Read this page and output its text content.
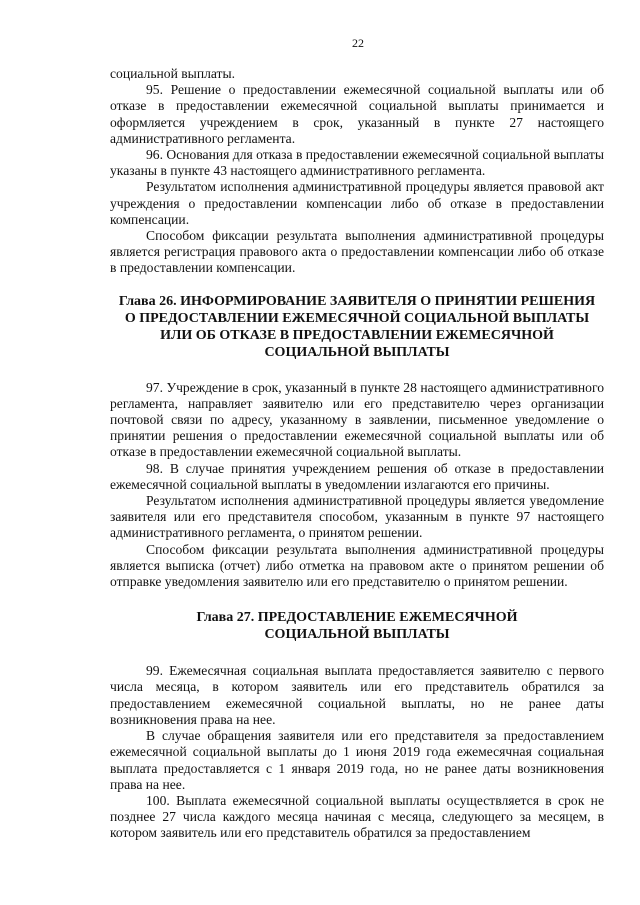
22

социальной выплаты.

95. Решение о предоставлении ежемесячной социальной выплаты или об отказе в предоставлении ежемесячной социальной выплаты принимается и оформляется учреждением в срок, указанный в пункте 27 настоящего административного регламента.

96. Основания для отказа в предоставлении ежемесячной социальной выплаты указаны в пункте 43 настоящего административного регламента.

Результатом исполнения административной процедуры является правовой акт учреждения о предоставлении компенсации либо об отказе в предоставлении компенсации.

Способом фиксации результата выполнения административной процедуры является регистрация правового акта о предоставлении компенсации либо об отказе в предоставлении компенсации.

Глава 26. ИНФОРМИРОВАНИЕ ЗАЯВИТЕЛЯ О ПРИНЯТИИ РЕШЕНИЯ О ПРЕДОСТАВЛЕНИИ ЕЖЕМЕСЯЧНОЙ СОЦИАЛЬНОЙ ВЫПЛАТЫ ИЛИ ОБ ОТКАЗЕ В ПРЕДОСТАВЛЕНИИ ЕЖЕМЕСЯЧНОЙ СОЦИАЛЬНОЙ ВЫПЛАТЫ

97. Учреждение в срок, указанный в пункте 28 настоящего административного регламента, направляет заявителю или его представителю через организации почтовой связи по адресу, указанному в заявлении, письменное уведомление о принятии решения о предоставлении ежемесячной социальной выплаты или об отказе в предоставлении ежемесячной социальной выплаты.

98. В случае принятия учреждением решения об отказе в предоставлении ежемесячной социальной выплаты в уведомлении излагаются его причины.

Результатом исполнения административной процедуры является уведомление заявителя или его представителя способом, указанным в пункте 97 настоящего административного регламента, о принятом решении.

Способом фиксации результата выполнения административной процедуры является выписка (отчет) либо отметка на правовом акте о принятом решении об отправке уведомления заявителю или его представителю о принятом решении.

Глава 27. ПРЕДОСТАВЛЕНИЕ ЕЖЕМЕСЯЧНОЙ
СОЦИАЛЬНОЙ ВЫПЛАТЫ

99. Ежемесячная социальная выплата предоставляется заявителю с первого числа месяца, в котором заявитель или его представитель обратился за предоставлением ежемесячной социальной выплаты, но не ранее даты возникновения права на нее.

В случае обращения заявителя или его представителя за предоставлением ежемесячной социальной выплаты до 1 июня 2019 года ежемесячная социальная выплата предоставляется с 1 января 2019 года, но не ранее даты возникновения права на нее.

100. Выплата ежемесячной социальной выплаты осуществляется в срок не позднее 27 числа каждого месяца начиная с месяца, следующего за месяцем, в котором заявитель или его представитель обратился за предоставлением
